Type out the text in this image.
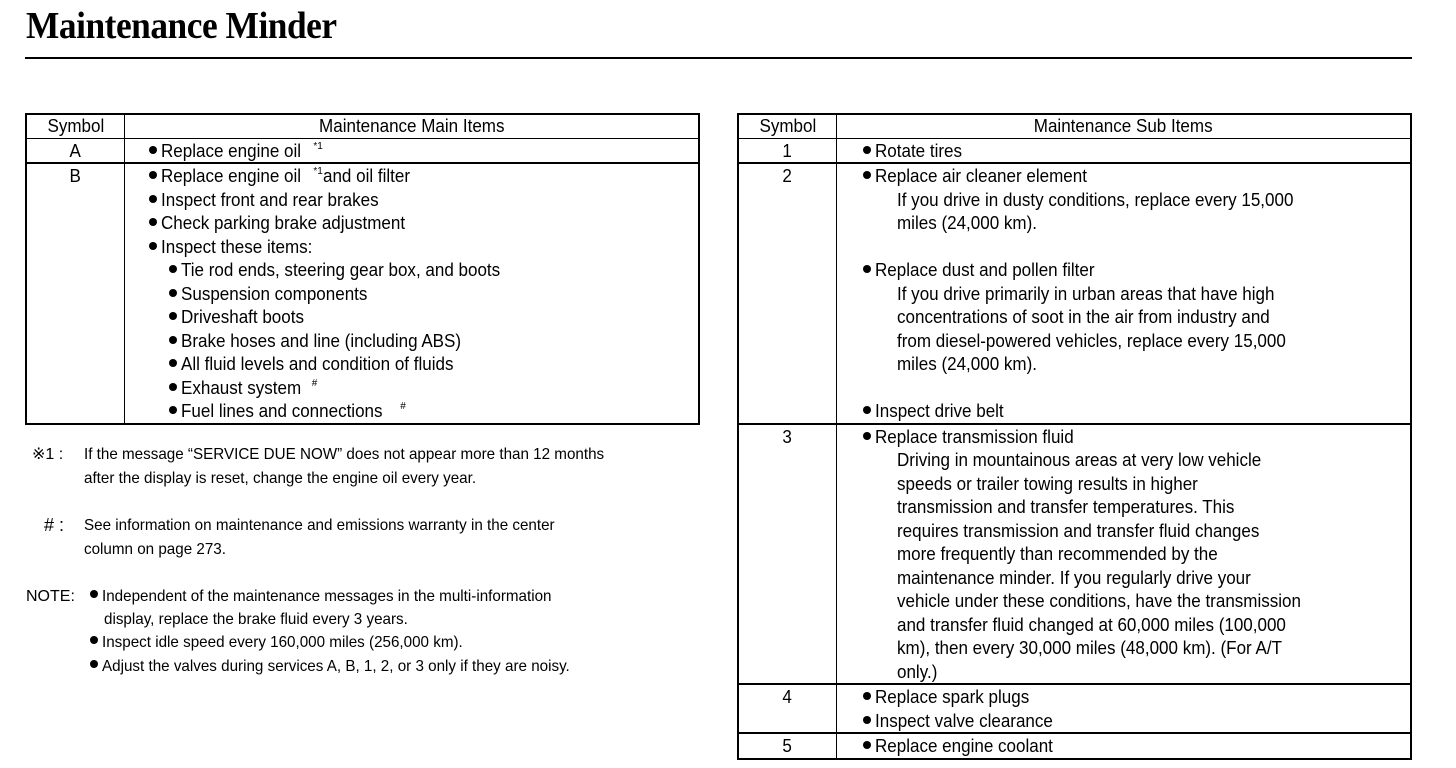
Maintenance Minder
Symbol	Maintenance Main Items
A	Replace engine oil $^{*1}$

B	Replace engine oil $^{*1}$and oil filter
Inspect front and rear brakes
Check parking brake adjustment
Inspect these items:
Tie rod ends, steering gear box, and boots
Suspension components
Driveshaft boots
Brake hoses and line (including ABS)
All fluid levels and condition of fluids
Exhaust system #
Fuel lines and connections #
Symbol	Maintenance Sub Items
1	Rotate tires

2	Replace air cleaner element
If you drive in dusty conditions, replace every 15,000
miles (24,000 km).
Replace dust and pollen filter
If you drive primarily in urban areas that have high
concentrations of soot in the air from industry and
from diesel-powered vehicles, replace every 15,000
miles (24,000 km).
Inspect drive belt

3	Replace transmission fluid
Driving in mountainous areas at very low vehicle
speeds or trailer towing results in higher
transmission and transfer temperatures. This
requires transmission and transfer fluid changes
more frequently than recommended by the
maintenance minder. If you regularly drive your
vehicle under these conditions, have the transmission
and transfer fluid changed at 60,000 miles (100,000
km), then every 30,000 miles (48,000 km). (For A/T
only.)

4	Replace spark plugs
Inspect valve clearance

5	Replace engine coolant
※1 : If the message “SERVICE DUE NOW” does not appear more than 12 months
after the display is reset, change the engine oil every year.
# : See information on maintenance and emissions warranty in the center
column on page 273.
NOTE:	Independent of the maintenance messages in the multi-information
display, replace the brake fluid every 3 years.
Inspect idle speed every 160,000 miles (256,000 km).
Adjust the valves during services A, B, 1, 2, or 3 only if they are noisy.
